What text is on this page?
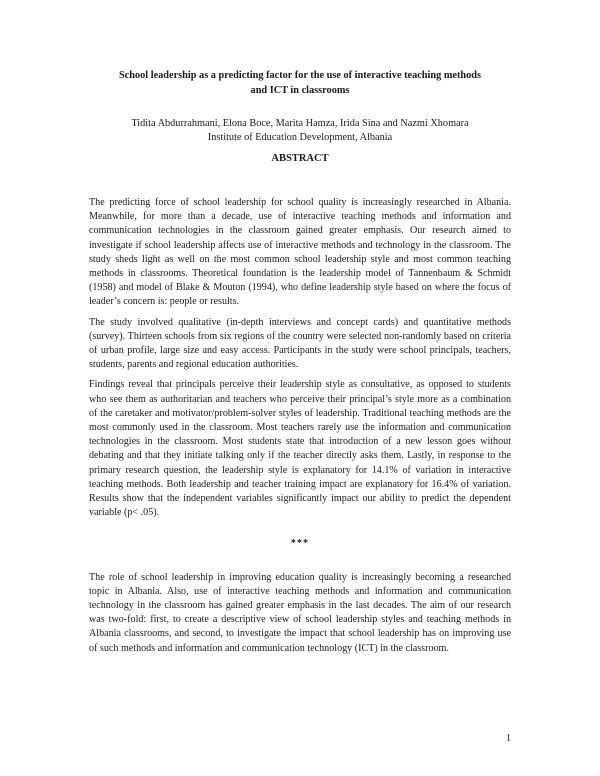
School leadership as a predicting factor for the use of interactive teaching methods
and ICT in classrooms
Tidita Abdurrahmani, Elona Boce, Marita Hamza, Irida Sina and Nazmi Xhomara
Institute of Education Development, Albania
ABSTRACT

The predicting force of school leadership for school quality is increasingly researched in Albania. Meanwhile, for more than a decade, use of interactive teaching methods and information and communication technologies in the classroom gained greater emphasis. Our research aimed to investigate if school leadership affects use of interactive methods and technology in the classroom. The study sheds light as well on the most common school leadership style and most common teaching methods in classrooms. Theoretical foundation is the leadership model of Tannenbaum & Schmidt (1958) and model of Blake & Mouton (1994), who define leadership style based on where the focus of leader’s concern is: people or results.

The study involved qualitative (in-depth interviews and concept cards) and quantitative methods (survey). Thirteen schools from six regions of the country were selected non-randomly based on criteria of urban profile, large size and easy access. Participants in the study were school principals, teachers, students, parents and regional education authorities.

Findings reveal that principals perceive their leadership style as consultative, as opposed to students who see them as authoritarian and teachers who perceive their principal’s style more as a combination of the caretaker and motivator/problem-solver styles of leadership. Traditional teaching methods are the most commonly used in the classroom. Most teachers rarely use the information and communication technologies in the classroom. Most students state that introduction of a new lesson goes without debating and that they initiate talking only if the teacher directly asks them. Lastly, in response to the primary research question, the leadership style is explanatory for 14.1% of variation in interactive teaching methods. Both leadership and teacher training impact are explanatory for 16.4% of variation. Results show that the independent variables significantly impact our ability to predict the dependent variable (p< .05).

***

The role of school leadership in improving education quality is increasingly becoming a researched topic in Albania. Also, use of interactive teaching methods and information and communication technology in the classroom has gained greater emphasis in the last decades. The aim of our research was two-fold: first, to create a descriptive view of school leadership styles and teaching methods in Albania classrooms, and second, to investigate the impact that school leadership has on improving use of such methods and information and communication technology (ICT) in the classroom.

1
